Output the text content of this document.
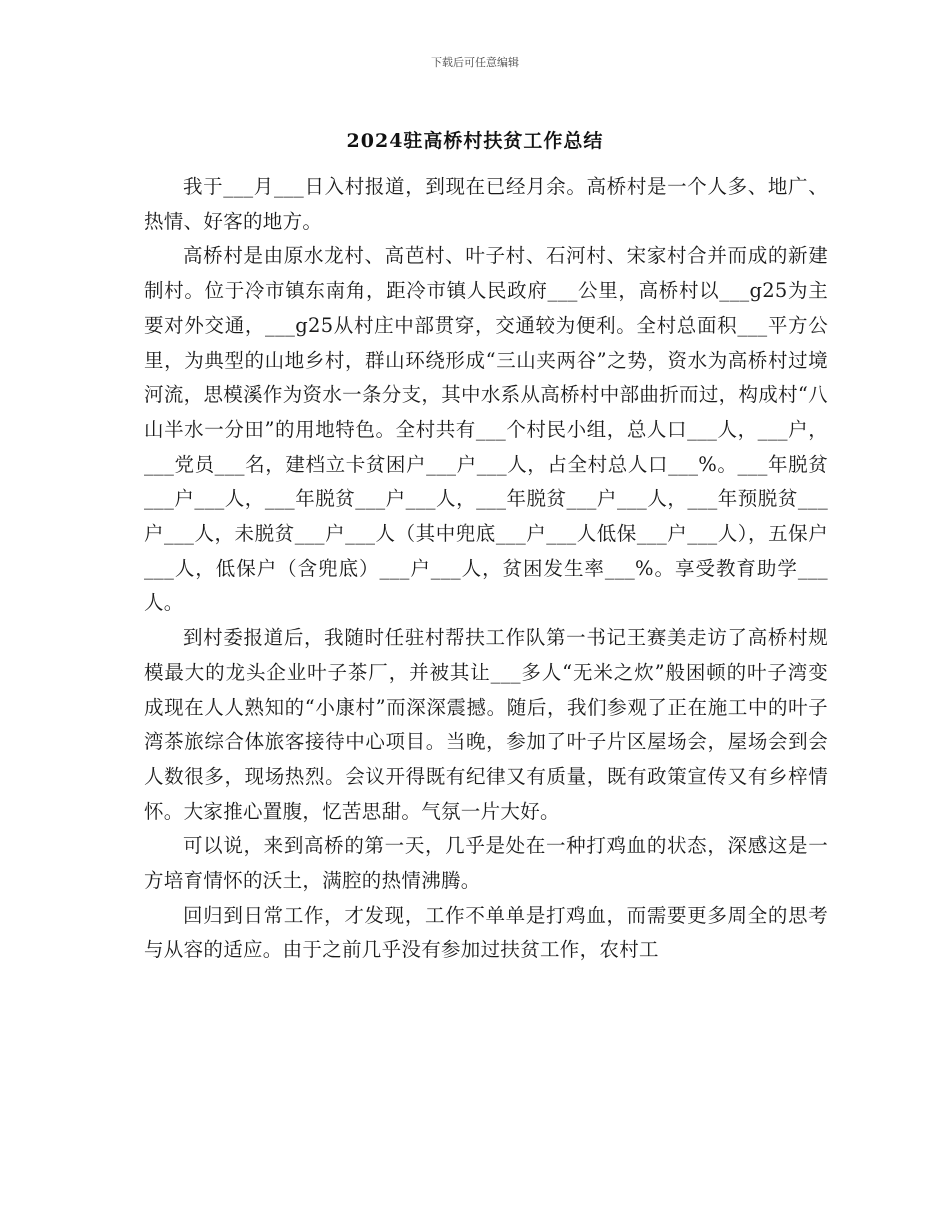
下载后可任意编辑
2024驻高桥村扶贫工作总结

我于___月___日入村报道，到现在已经月余。高桥村是一个人多、地广、热情、好客的地方。

高桥村是由原水龙村、高芭村、叶子村、石河村、宋家村合并而成的新建制村。位于冷市镇东南角，距冷市镇人民政府___公里，高桥村以___g25为主要对外交通，___g25从村庄中部贯穿，交通较为便利。全村总面积___平方公里，为典型的山地乡村，群山环绕形成“三山夹两谷”之势，资水为高桥村过境河流，思模溪作为资水一条分支，其中水系从高桥村中部曲折而过，构成村“八山半水一分田”的用地特色。全村共有___个村民小组，总人口___人，___户，___党员___名，建档立卡贫困户___户___人，占全村总人口___%。___年脱贫___户___人，___年脱贫___户___人，___年脱贫___户___人，___年预脱贫___户___人，未脱贫___户___人（其中兜底___户___人低保___户___人），五保户___人，低保户（含兜底）___户___人，贫困发生率___%。享受教育助学___人。

到村委报道后，我随时任驻村帮扶工作队第一书记王赛美走访了高桥村规模最大的龙头企业叶子茶厂，并被其让___多人“无米之炊”般困顿的叶子湾变成现在人人熟知的“小康村”而深深震撼。随后，我们参观了正在施工中的叶子湾茶旅综合体旅客接待中心项目。当晚，参加了叶子片区屋场会，屋场会到会人数很多，现场热烈。会议开得既有纪律又有质量，既有政策宣传又有乡梓情怀。大家推心置腹，忆苦思甜。气氛一片大好。

可以说，来到高桥的第一天，几乎是处在一种打鸡血的状态，深感这是一方培育情怀的沃土，满腔的热情沸腾。

回归到日常工作，才发现，工作不单单是打鸡血，而需要更多周全的思考与从容的适应。由于之前几乎没有参加过扶贫工作，农村工
